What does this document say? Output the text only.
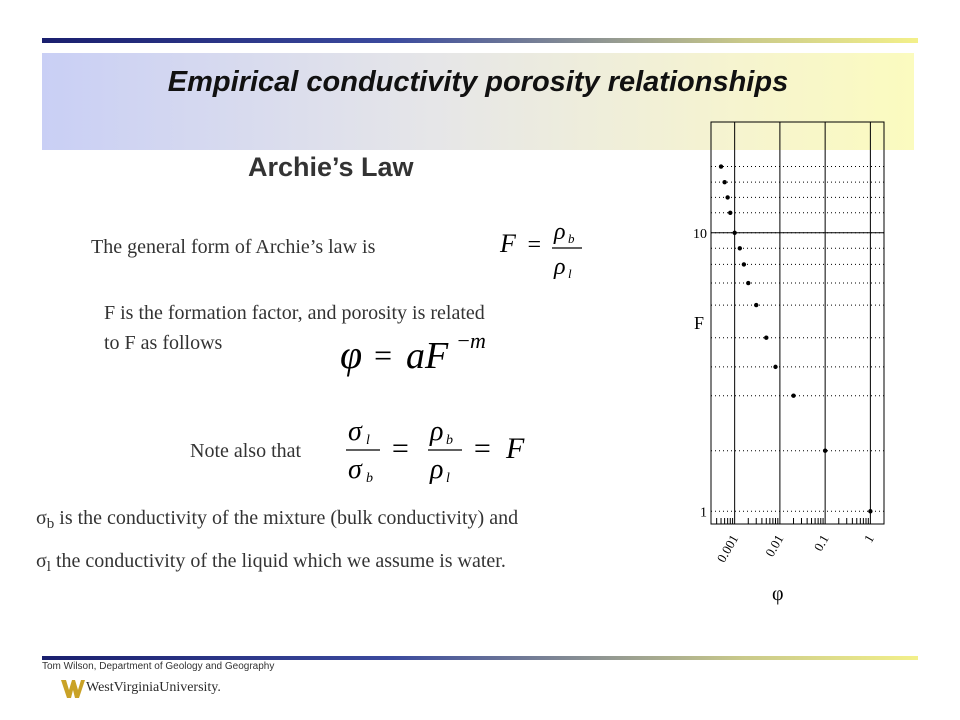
Empirical conductivity porosity relationships
Archie’s Law
The general form of Archie’s law is	F = ρ b
ρ l
F is the formation factor, and porosity is related
to F as follows	φ = aF − m
Note also that
σ l
σ b
=
ρ b
ρ l
= F
$\sigma_b$ is the conductivity of the mixture (bulk conductivity) and
$\sigma_l$ the conductivity of the liquid which we assume is water.
1
10
0.001 0.01 0.1 1
F
φ
Tom Wilson, Department of Geology and Geography
WestVirginiaUniversity.
